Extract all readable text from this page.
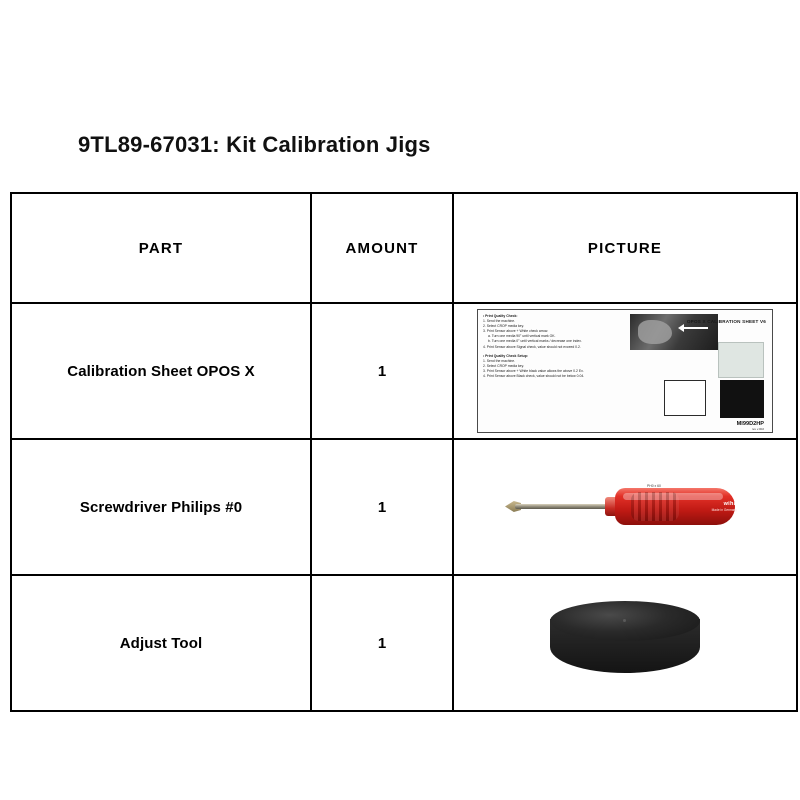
9TL89-67031: Kit Calibration Jigs
PART	AMOUNT	PICTURE
Calibration Sheet OPOS X	1	
• Print Quality Check:
1. Send the machine.
2. Select CROP media key.
3. Print Sensor above + White check arrow.
a. Turn one media 90° until vertical mark OK.
b. Turn one media 0° until vertical marks / decrease one index.
4. Print Sensor above Signal check, value should not exceed 0.2.
• Print Quality Check Setup:
1. Send the machine.
2. Select CROP media key.
3. Print Sensor above + White black value allows the above 0.2 Ex.
4. Print Sensor above Black check, value should not be below 0.04.
OPOS X CALIBRATION SHEET V6
MI99D2HP
rev v.002

Screwdriver Philips #0	1	PH0 x 60
wiha
Made in Germany

Adjust Tool	1	
